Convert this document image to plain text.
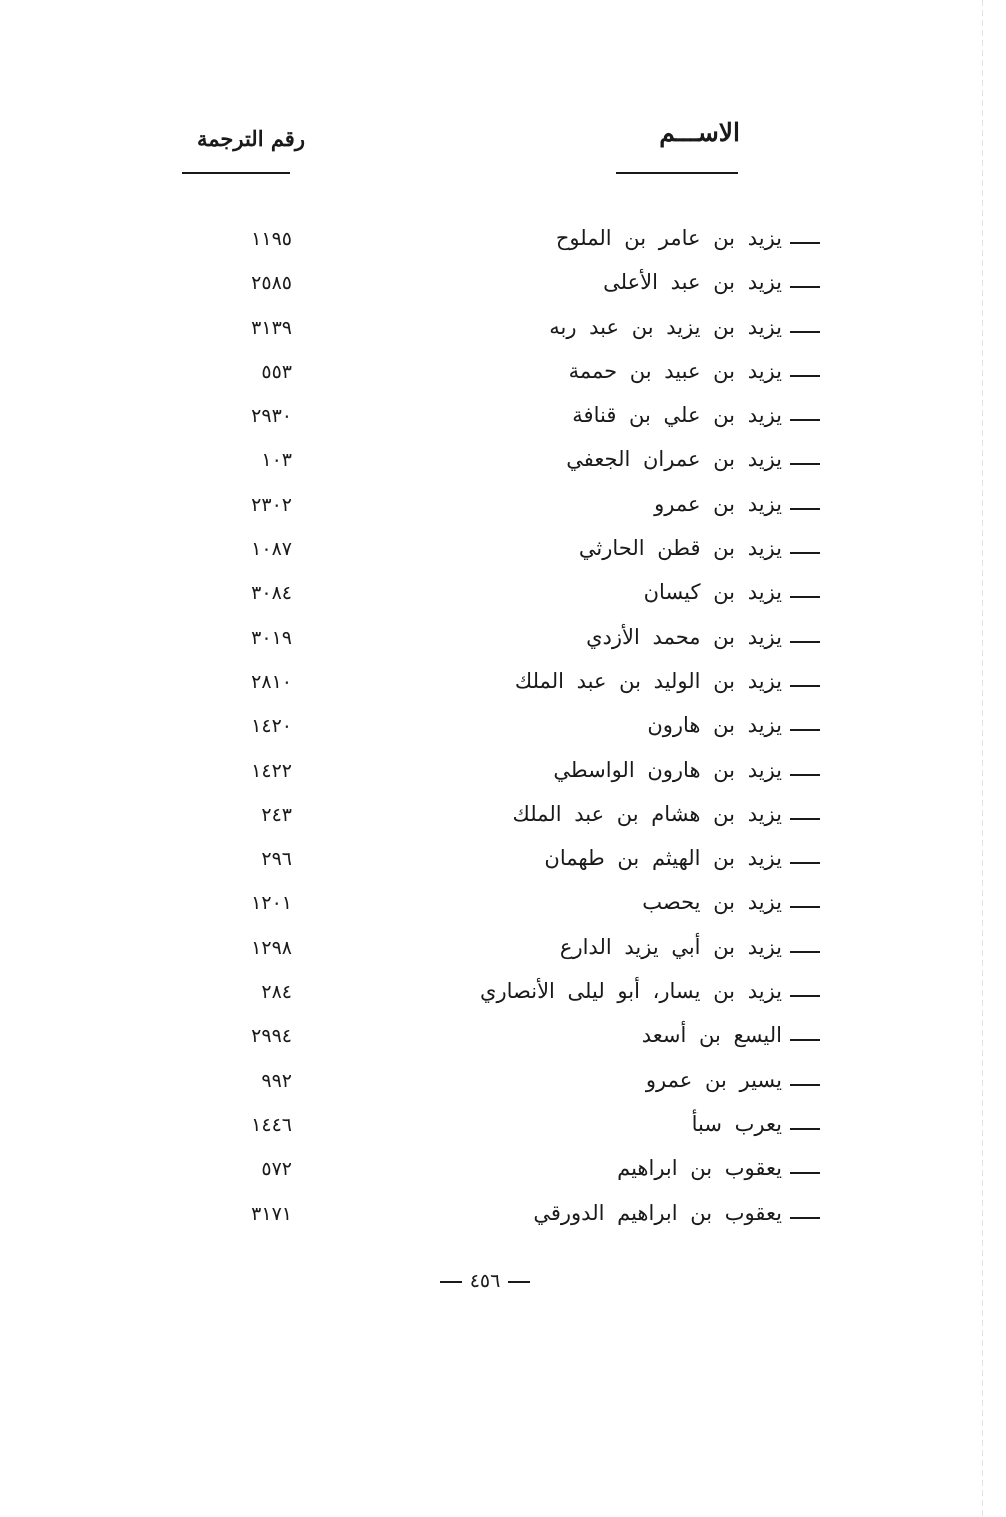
الاســـم
رقم الترجمة
يزيد بن عامر بن الملوح
١١٩٥
يزيد بن عبد الأعلى
٢٥٨٥
يزيد بن يزيد بن عبد ربه
٣١٣٩
يزيد بن عبيد بن حممة
٥٥٣
يزيد بن علي بن قنافة
٢٩٣٠
يزيد بن عمران الجعفي
١٠٣
يزيد بن عمرو
٢٣٠٢
يزيد بن قطن الحارثي
١٠٨٧
يزيد بن كيسان
٣٠٨٤
يزيد بن محمد الأزدي
٣٠١٩
يزيد بن الوليد بن عبد الملك
٢٨١٠
يزيد بن هارون
١٤٢٠
يزيد بن هارون الواسطي
١٤٢٢
يزيد بن هشام بن عبد الملك
٢٤٣
يزيد بن الهيثم بن طهمان
٢٩٦
يزيد بن يحصب
١٢٠١
يزيد بن أبي يزيد الدارع
١٢٩٨
يزيد بن يسار، أبو ليلى الأنصاري
٢٨٤
اليسع بن أسعد
٢٩٩٤
يسير بن عمرو
٩٩٢
يعرب سبأ
١٤٤٦
يعقوب بن ابراهيم
٥٧٢
يعقوب بن ابراهيم الدورقي
٣١٧١
٤٥٦
